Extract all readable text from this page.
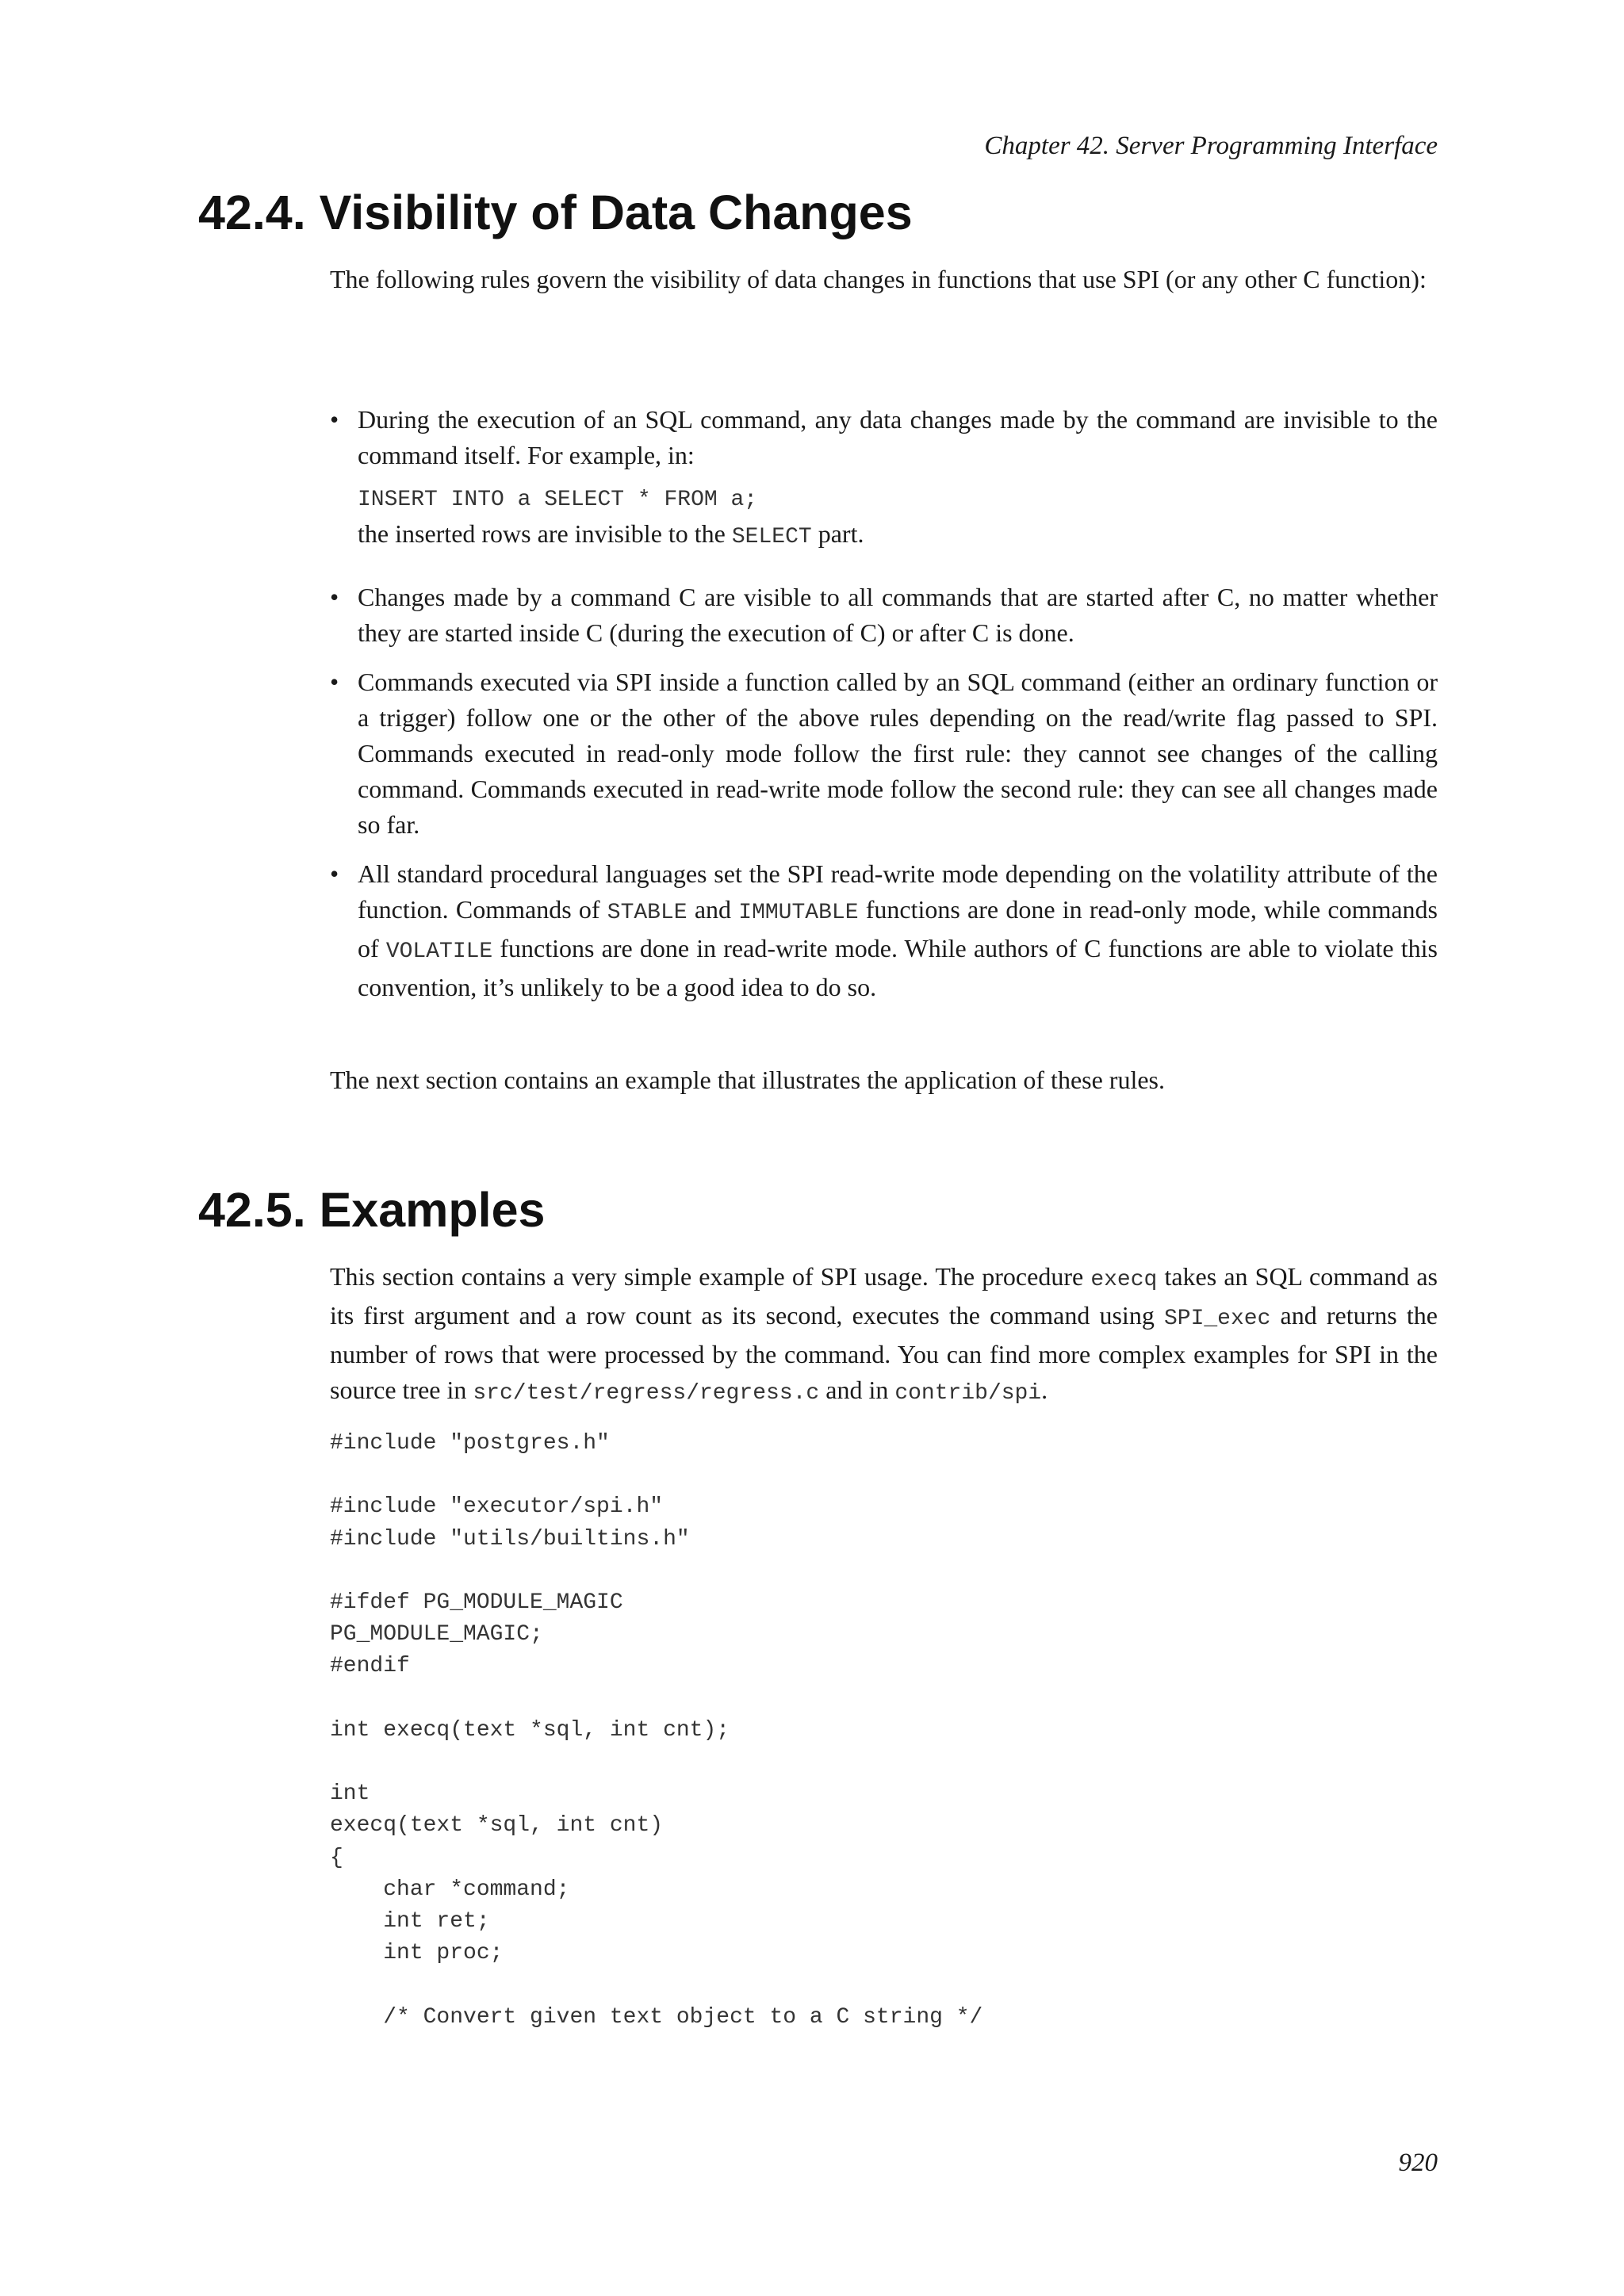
Chapter 42. Server Programming Interface
42.4. Visibility of Data Changes

The following rules govern the visibility of data changes in functions that use SPI (or any other C function):

• During the execution of an SQL command, any data changes made by the command are invisible to the command itself. For example, in:
INSERT INTO a SELECT * FROM a;
the inserted rows are invisible to the SELECT part.
• Changes made by a command C are visible to all commands that are started after C, no matter whether they are started inside C (during the execution of C) or after C is done.
• Commands executed via SPI inside a function called by an SQL command (either an ordinary function or a trigger) follow one or the other of the above rules depending on the read/write flag passed to SPI. Commands executed in read-only mode follow the first rule: they cannot see changes of the calling command. Commands executed in read-write mode follow the second rule: they can see all changes made so far.
• All standard procedural languages set the SPI read-write mode depending on the volatility attribute of the function. Commands of STABLE and IMMUTABLE functions are done in read-only mode, while commands of VOLATILE functions are done in read-write mode. While authors of C functions are able to violate this convention, it’s unlikely to be a good idea to do so.

The next section contains an example that illustrates the application of these rules.

42.5. Examples

This section contains a very simple example of SPI usage. The procedure execq takes an SQL command as its first argument and a row count as its second, executes the command using SPI_exec and returns the number of rows that were processed by the command. You can find more complex examples for SPI in the source tree in src/test/regress/regress.c and in contrib/spi.

#include "postgres.h"

#include "executor/spi.h"
#include "utils/builtins.h"

#ifdef PG_MODULE_MAGIC
PG_MODULE_MAGIC;
#endif

int execq(text *sql, int cnt);

int
execq(text *sql, int cnt)
{
char *command;
int ret;
int proc;

/* Convert given text object to a C string */
920
